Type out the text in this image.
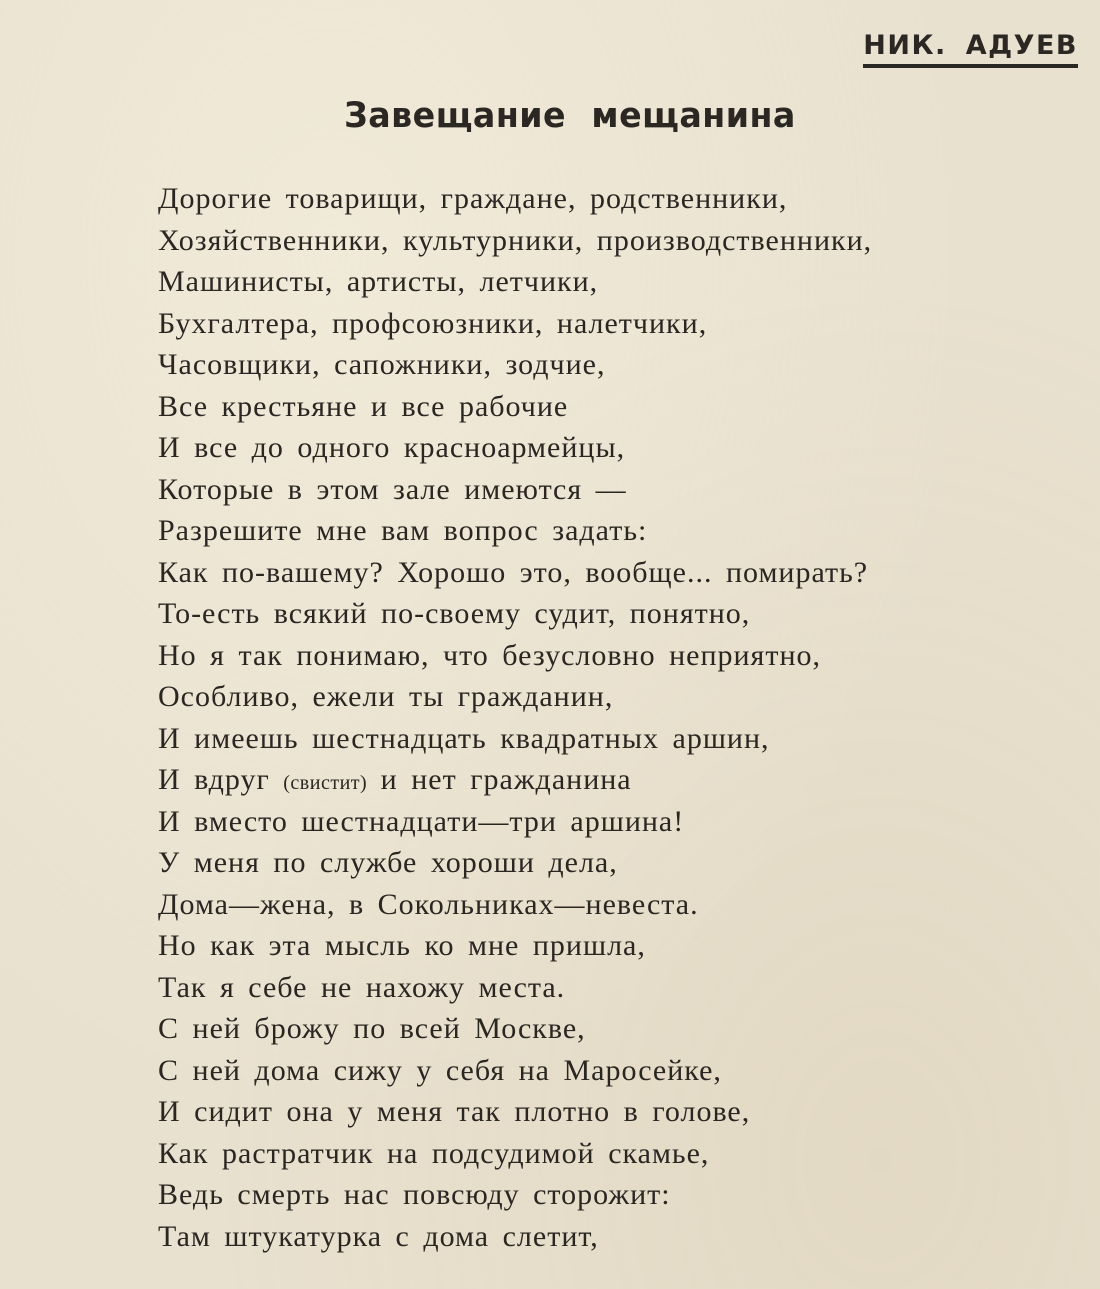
НИК. АДУЕВ
Завещание мещанина
Дорогие товарищи, граждане, родственники,
Хозяйственники, культурники, производственники,
Машинисты, артисты, летчики,
Бухгалтера, профсоюзники, налетчики,
Часовщики, сапожники, зодчие,
Все крестьяне и все рабочие
И все до одного красноармейцы,
Которые в этом зале имеются —
Разрешите мне вам вопрос задать:
Как по-вашему? Хорошо это, вообще... помирать?
То-есть всякий по-своему судит, понятно,
Но я так понимаю, что безусловно неприятно,
Особливо, ежели ты гражданин,
И имеешь шестнадцать квадратных аршин,
И вдруг (свистит) и нет гражданина
И вместо шестнадцати—три аршина!
У меня по службе хороши дела,
Дома—жена, в Сокольниках—невеста.
Но как эта мысль ко мне пришла,
Так я себе не нахожу места.
С ней брожу по всей Москве,
С ней дома сижу у себя на Маросейке,
И сидит она у меня так плотно в голове,
Как растратчик на подсудимой скамье,
Ведь смерть нас повсюду сторожит:
Там штукатурка с дома слетит,
